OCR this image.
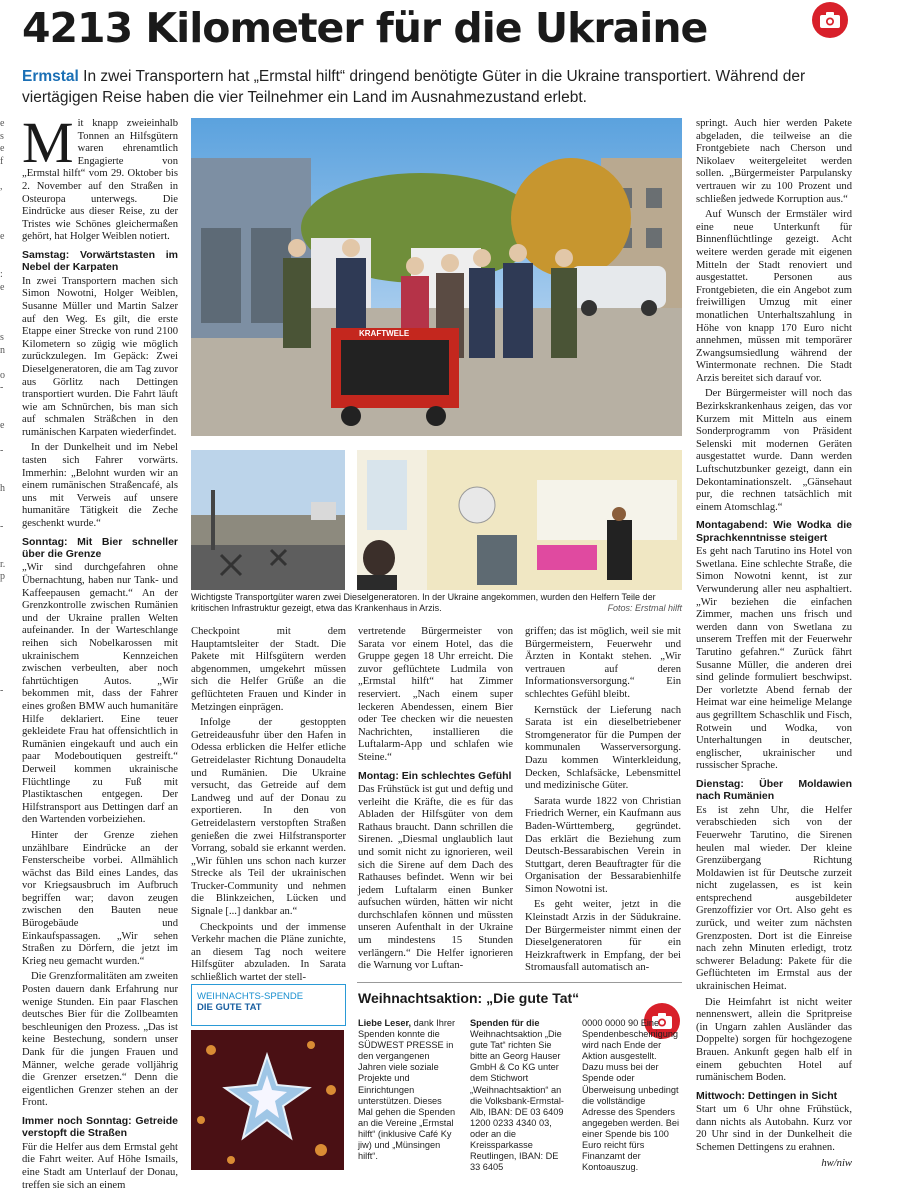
4213 Kilometer für die Ukraine
Ermstal In zwei Transportern hat „Ermstal hilft“ dringend benötigte Güter in die Ukraine transportiert. Während der viertägigen Reise haben die vier Teilnehmer ein Land im Ausnahmezustand erlebt.
e
s
e
f

,

e

:
e

s
n

o
-

e

-

h

-

r.
p

-

M it knapp zweieinhalb Tonnen an Hilfsgütern waren ehrenamtlich Engagierte von „Ermstal hilft“ vom 29. Oktober bis 2. November auf den Straßen in Osteuropa unterwegs. Die Eindrücke aus dieser Reise, zu der Tristes wie Schönes gleichermaßen gehört, hat Holger Weiblen notiert.

Samstag: Vorwärtstasten im Nebel der Karpaten

In zwei Transportern machen sich Simon Nowotni, Holger Weiblen, Susanne Müller und Martin Salzer auf den Weg. Es gilt, die erste Etappe einer Strecke von rund 2100 Kilometern so zügig wie möglich zurückzulegen. Im Gepäck: Zwei Dieselgeneratoren, die am Tag zuvor aus Görlitz nach Dettingen transportiert wurden. Die Fahrt läuft wie am Schnürchen, bis man sich auf schmalen Sträßchen in den rumänischen Karpaten wiederfindet.

In der Dunkelheit und im Nebel tasten sich Fahrer vorwärts. Immerhin: „Belohnt wurden wir an einem rumänischen Straßencafé, als uns mit Verweis auf unsere humanitäre Tätigkeit die Zeche geschenkt wurde.“

Sonntag: Mit Bier schneller über die Grenze

„Wir sind durchgefahren ohne Übernachtung, haben nur Tank- und Kaffeepausen gemacht.“ An der Grenzkontrolle zwischen Rumänien und der Ukraine prallen Welten aufeinander. In der Warteschlange reihen sich Nobelkarossen mit ukrainischem Kennzeichen zwischen verbeulten, aber noch fahrtüchtigen Autos. „Wir bekommen mit, dass der Fahrer eines großen BMW auch humanitäre Hilfe deklariert. Eine teuer gekleidete Frau hat offensichtlich in Rumänien eingekauft und auch ein paar Modeboutiquen gestreift.“ Derweil kommen ukrainische Flüchtlinge zu Fuß mit Plastiktaschen entgegen. Der Hilfstransport aus Dettingen darf an den Wartenden vorbeiziehen.

Hinter der Grenze ziehen unzählbare Eindrücke an der Fensterscheibe vorbei. Allmählich wächst das Bild eines Landes, das vor Kriegsausbruch im Aufbruch begriffen war; davon zeugen zwischen den Bauten neue Bürogebäude und Einkaufspassagen. „Wir sehen Straßen zu Dörfern, die jetzt im Krieg neu gemacht wurden.“

Die Grenzformalitäten am zweiten Posten dauern dank Erfahrung nur wenige Stunden. Ein paar Flaschen deutsches Bier für die Zollbeamten beschleunigen den Prozess. „Das ist keine Bestechung, sondern unser Dank für die jungen Frauen und Männer, welche gerade volljährig die Grenzer ersetzen.“ Denn die eigentlichen Grenzer stehen an der Front.

Immer noch Sonntag: Getreide verstopft die Straßen

Für die Helfer aus dem Ermstal geht die Fahrt weiter. Auf Höhe Ismails, eine Stadt am Unterlauf der Donau, treffen sie sich an einem

KRAFTWELE
Wichtigste Transportgüter waren zwei Dieselgeneratoren. In der Ukraine angekommen, wurden den Helfern Teile der kritischen Infrastruktur gezeigt, etwa das Krankenhaus in Arzis.	Fotos: Erstmal hilft

Checkpoint mit dem Hauptamtsleiter der Stadt. Die Pakete mit Hilfsgütern werden abgenommen, umgekehrt müssen sich die Helfer Grüße an die geflüchteten Frauen und Kinder in Metzingen einprägen.

Infolge der gestoppten Getreideausfuhr über den Hafen in Odessa erblicken die Helfer etliche Getreidelaster Richtung Donaudelta und Rumänien. Die Ukraine versucht, das Getreide auf dem Landweg und auf der Donau zu exportieren. In den von Getreidelastern verstopften Straßen genießen die zwei Hilfstransporter Vorrang, sobald sie erkannt werden. „Wir fühlen uns schon nach kurzer Strecke als Teil der ukrainischen Trucker-Community und nehmen die Blinkzeichen, Lücken und Signale [...] dankbar an.“

Checkpoints und der immense Verkehr machen die Pläne zunichte, an diesem Tag noch weitere Hilfsgüter abzuladen. In Sarata schließlich wartet der stell-

vertretende Bürgermeister von Sarata vor einem Hotel, das die Gruppe gegen 18 Uhr erreicht. Die zuvor geflüchtete Ludmila von „Ermstal hilft“ hat Zimmer reserviert. „Nach einem super leckeren Abendessen, einem Bier oder Tee checken wir die neuesten Nachrichten, installieren die Luftalarm-App und schlafen wie Steine.“

Montag: Ein schlechtes Gefühl

Das Frühstück ist gut und deftig und verleiht die Kräfte, die es für das Abladen der Hilfsgüter von dem Rathaus braucht. Dann schrillen die Sirenen. „Diesmal unglaublich laut und somit nicht zu ignorieren, weil sich die Sirene auf dem Dach des Rathauses befindet. Wenn wir bei jedem Luftalarm einen Bunker aufsuchen würden, hätten wir nicht durchschlafen können und müssten unseren Aufenthalt in der Ukraine um mindestens 15 Stunden verlängern.“ Die Helfer ignorieren die Warnung vor Luftan-

griffen; das ist möglich, weil sie mit Bürgermeistern, Feuerwehr und Ärzten in Kontakt stehen. „Wir vertrauen auf deren Informationsversorgung.“ Ein schlechtes Gefühl bleibt.

Kernstück der Lieferung nach Sarata ist ein dieselbetriebener Stromgenerator für die Pumpen der kommunalen Wasserversorgung. Dazu kommen Winterkleidung, Decken, Schlafsäcke, Lebensmittel und medizinische Güter.

Sarata wurde 1822 von Christian Friedrich Werner, ein Kaufmann aus Baden-Württemberg, gegründet. Das erklärt die Beziehung zum Deutsch-Bessarabischen Verein in Stuttgart, deren Beauftragter für die Organisation der Bessarabienhilfe Simon Nowotni ist.

Es geht weiter, jetzt in die Kleinstadt Arzis in der Südukraine. Der Bürgermeister nimmt einen der Dieselgeneratoren für ein Heizkraftwerk in Empfang, der bei Stromausfall automatisch an-

springt. Auch hier werden Pakete abgeladen, die teilweise an die Frontgebiete nach Cherson und Nikolaev weitergeleitet werden sollen. „Bürgermeister Parpulansky vertrauen wir zu 100 Prozent und schließen jedwede Korruption aus.“

Auf Wunsch der Ermstäler wird eine neue Unterkunft für Binnenflüchtlinge gezeigt. Acht weitere werden gerade mit eigenen Mitteln der Stadt renoviert und ausgestattet. Personen aus Frontgebieten, die ein Angebot zum freiwilligen Umzug mit einer monatlichen Unterhaltszahlung in Höhe von knapp 170 Euro nicht annehmen, müssen mit temporärer Zwangsumsiedlung während der Wintermonate rechnen. Die Stadt Arzis bereitet sich darauf vor.

Der Bürgermeister will noch das Bezirkskrankenhaus zeigen, das vor Kurzem mit Mitteln aus einem Sonderprogramm von Präsident Selenski mit modernen Geräten ausgestattet wurde. Dann werden Luftschutzbunker gezeigt, dann ein Dekontaminationszelt. „Gänsehaut pur, die rechnen tatsächlich mit einem Atomschlag.“

Montagabend: Wie Wodka die Sprachkenntnisse steigert

Es geht nach Tarutino ins Hotel von Swetlana. Eine schlechte Straße, die Simon Nowotni kennt, ist zur Verwunderung aller neu asphaltiert. „Wir beziehen die einfachen Zimmer, machen uns frisch und werden dann von Swetlana zu unserem Treffen mit der Feuerwehr Tarutino gefahren.“ Zurück fährt Susanne Müller, die anderen drei sind gelinde formuliert beschwipst. Der vorletzte Abend fernab der Heimat war eine heimelige Melange aus gegrilltem Schaschlik und Fisch, Rotwein und Wodka, von Unterhaltungen in deutscher, englischer, ukrainischer und russischer Sprache.

Dienstag: Über Moldawien nach Rumänien

Es ist zehn Uhr, die Helfer verabschieden sich von der Feuerwehr Tarutino, die Sirenen heulen mal wieder. Der kleine Grenzübergang Richtung Moldawien ist für Deutsche zurzeit nicht zugelassen, es ist kein entsprechend ausgebildeter Grenzoffizier vor Ort. Also geht es zurück, und weiter zum nächsten Grenzposten. Dort ist die Einreise nach zehn Minuten erledigt, trotz schwerer Beladung: Pakete für die Geflüchteten im Ermstal aus der ukrainischen Heimat.

Die Heimfahrt ist nicht weiter nennenswert, allein die Spritpreise (in Ungarn zahlen Ausländer das Doppelte) sorgen für hochgezogene Brauen. Ankunft gegen halb elf in einem gebuchten Hotel auf rumänischem Boden.

Mittwoch: Dettingen in Sicht

Start um 6 Uhr ohne Frühstück, dann nichts als Autobahn. Kurz vor 20 Uhr sind in der Dunkelheit die Schemen Dettingens zu erahnen.

hw/niw

WEIHNACHTS-SPENDE
DIE GUTE TAT
Weihnachtsaktion: „Die gute Tat“
Liebe Leser, dank Ihrer Spenden konnte die SÜDWEST PRESSE in den vergangenen Jahren viele soziale Projekte und Einrichtungen unterstützen. Dieses Mal gehen die Spenden an die Vereine „Ermstal hilft“ (inklusive Café Ky jiw) und „Münsingen hilft“.
Spenden für die Weihnachtsaktion „Die gute Tat“ richten Sie bitte an Georg Hauser GmbH & Co KG unter dem Stichwort „Weihnachtsaktion“ an die Volksbank-Ermstal-Alb, IBAN: DE 03 6409 1200 0233 4340 03, oder an die Kreissparkasse Reutlingen, IBAN: DE 33 6405
0000 0000 90 Eine Spendenbescheinigung wird nach Ende der Aktion ausgestellt. Dazu muss bei der Spende oder Überweisung unbedingt die vollständige Adresse des Spenders angegeben werden. Bei einer Spende bis 100 Euro reicht fürs Finanzamt der Kontoauszug.
